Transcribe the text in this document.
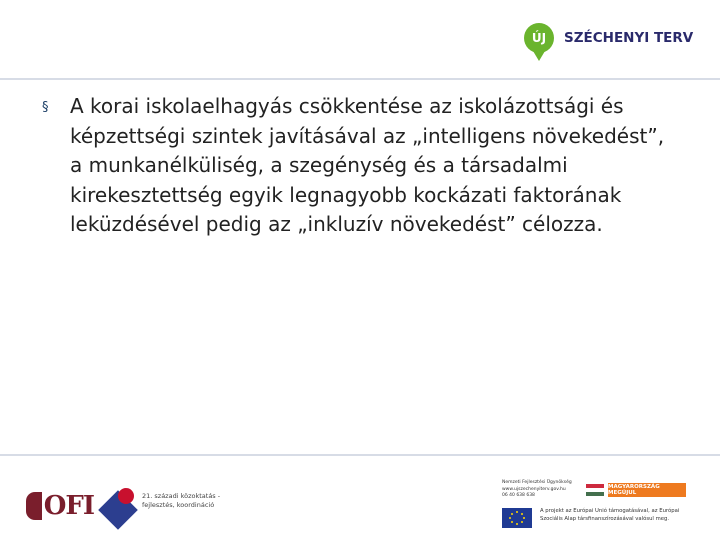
ÚJ	SZÉCHENYI TERV
§ A korai iskolaelhagyás csökkentése az iskolázottsági és képzettségi szintek javításával az „intelligens növekedést”, a munkanélküliség, a szegénység és a társadalmi kirekesztettség egyik legnagyobb kockázati faktorának leküzdésével pedig az „inkluzív növekedést” célozza.

OFI	21. századi közoktatás - fejlesztés, koordináció
Nemzeti Fejlesztési Ügynökség
www.ujszechenyiterv.gov.hu
06 40 638 638
MAGYARORSZÁG MEGÚJUL
A projekt az Európai Unió támogatásával, az Európai Szociális Alap társfinanszírozásával valósul meg.
